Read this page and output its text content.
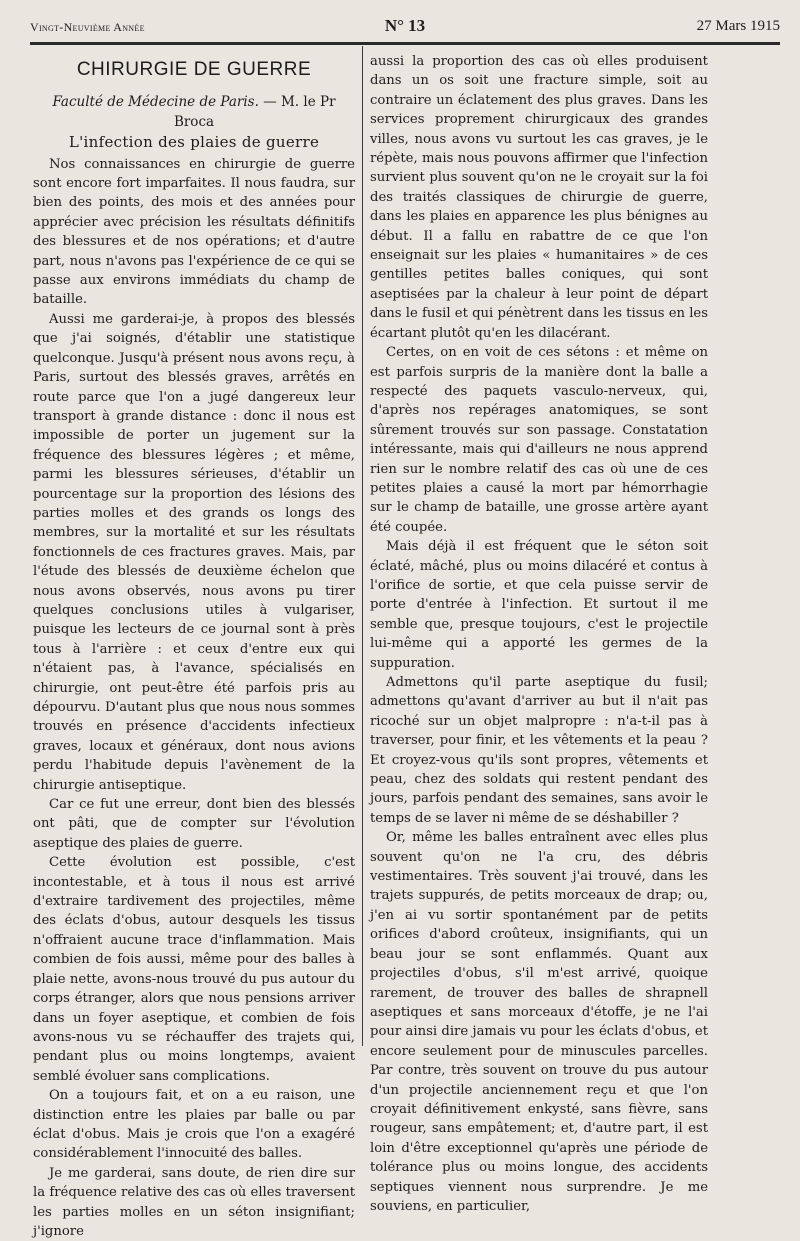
Vingt-Neuvième Année	N° 13	27 Mars 1915
CHIRURGIE DE GUERRE
Faculté de Médecine de Paris. — M. le Pr Broca
L'infection des plaies de guerre

Nos connaissances en chirurgie de guerre sont encore fort imparfaites. Il nous faudra, sur bien des points, des mois et des années pour apprécier avec précision les résultats définitifs des blessures et de nos opérations; et d'autre part, nous n'avons pas l'expérience de ce qui se passe aux environs immédiats du champ de bataille.

Aussi me garderai-je, à propos des blessés que j'ai soignés, d'établir une statistique quelconque. Jusqu'à présent nous avons reçu, à Paris, surtout des blessés graves, arrêtés en route parce que l'on a jugé dangereux leur transport à grande distance : donc il nous est impossible de porter un jugement sur la fréquence des blessures légères ; et même, parmi les blessures sérieuses, d'établir un pourcentage sur la proportion des lésions des parties molles et des grands os longs des membres, sur la mortalité et sur les résultats fonctionnels de ces fractures graves. Mais, par l'étude des blessés de deuxième échelon que nous avons observés, nous avons pu tirer quelques conclusions utiles à vulgariser, puisque les lecteurs de ce journal sont à près tous à l'arrière : et ceux d'entre eux qui n'étaient pas, à l'avance, spécialisés en chirurgie, ont peut-être été parfois pris au dépourvu. D'autant plus que nous nous sommes trouvés en présence d'accidents infectieux graves, locaux et généraux, dont nous avions perdu l'habitude depuis l'avènement de la chirurgie antiseptique.

Car ce fut une erreur, dont bien des blessés ont pâti, que de compter sur l'évolution aseptique des plaies de guerre.

Cette évolution est possible, c'est incontestable, et à tous il nous est arrivé d'extraire tardivement des projectiles, même des éclats d'obus, autour desquels les tissus n'offraient aucune trace d'inflammation. Mais combien de fois aussi, même pour des balles à plaie nette, avons-nous trouvé du pus autour du corps étranger, alors que nous pensions arriver dans un foyer aseptique, et combien de fois avons-nous vu se réchauffer des trajets qui, pendant plus ou moins longtemps, avaient semblé évoluer sans complications.

On a toujours fait, et on a eu raison, une distinction entre les plaies par balle ou par éclat d'obus. Mais je crois que l'on a exagéré considérablement l'innocuité des balles.

Je me garderai, sans doute, de rien dire sur la fréquence relative des cas où elles traversent les parties molles en un séton insignifiant; j'ignore

aussi la proportion des cas où elles produisent dans un os soit une fracture simple, soit au contraire un éclatement des plus graves. Dans les services proprement chirurgicaux des grandes villes, nous avons vu surtout les cas graves, je le répète, mais nous pouvons affirmer que l'infection survient plus souvent qu'on ne le croyait sur la foi des traités classiques de chirurgie de guerre, dans les plaies en apparence les plus bénignes au début. Il a fallu en rabattre de ce que l'on enseignait sur les plaies « humanitaires » de ces gentilles petites balles coniques, qui sont aseptisées par la chaleur à leur point de départ dans le fusil et qui pénètrent dans les tissus en les écartant plutôt qu'en les dilacérant.

Certes, on en voit de ces sétons : et même on est parfois surpris de la manière dont la balle a respecté des paquets vasculo-nerveux, qui, d'après nos repérages anatomiques, se sont sûrement trouvés sur son passage. Constatation intéressante, mais qui d'ailleurs ne nous apprend rien sur le nombre relatif des cas où une de ces petites plaies a causé la mort par hémorrhagie sur le champ de bataille, une grosse artère ayant été coupée.

Mais déjà il est fréquent que le séton soit éclaté, mâché, plus ou moins dilacéré et contus à l'orifice de sortie, et que cela puisse servir de porte d'entrée à l'infection. Et surtout il me semble que, presque toujours, c'est le projectile lui-même qui a apporté les germes de la suppuration.

Admettons qu'il parte aseptique du fusil; admettons qu'avant d'arriver au but il n'ait pas ricoché sur un objet malpropre : n'a-t-il pas à traverser, pour finir, et les vêtements et la peau ? Et croyez-vous qu'ils sont propres, vêtements et peau, chez des soldats qui restent pendant des jours, parfois pendant des semaines, sans avoir le temps de se laver ni même de se déshabiller ?

Or, même les balles entraînent avec elles plus souvent qu'on ne l'a cru, des débris vestimentaires. Très souvent j'ai trouvé, dans les trajets suppurés, de petits morceaux de drap; ou, j'en ai vu sortir spontanément par de petits orifices d'abord croûteux, insignifiants, qui un beau jour se sont enflammés. Quant aux projectiles d'obus, s'il m'est arrivé, quoique rarement, de trouver des balles de shrapnell aseptiques et sans morceaux d'étoffe, je ne l'ai pour ainsi dire jamais vu pour les éclats d'obus, et encore seulement pour de minuscules parcelles. Par contre, très souvent on trouve du pus autour d'un projectile anciennement reçu et que l'on croyait définitivement enkysté, sans fièvre, sans rougeur, sans empâtement; et, d'autre part, il est loin d'être exceptionnel qu'après une période de tolérance plus ou moins longue, des accidents septiques viennent nous surprendre. Je me souviens, en particulier,
